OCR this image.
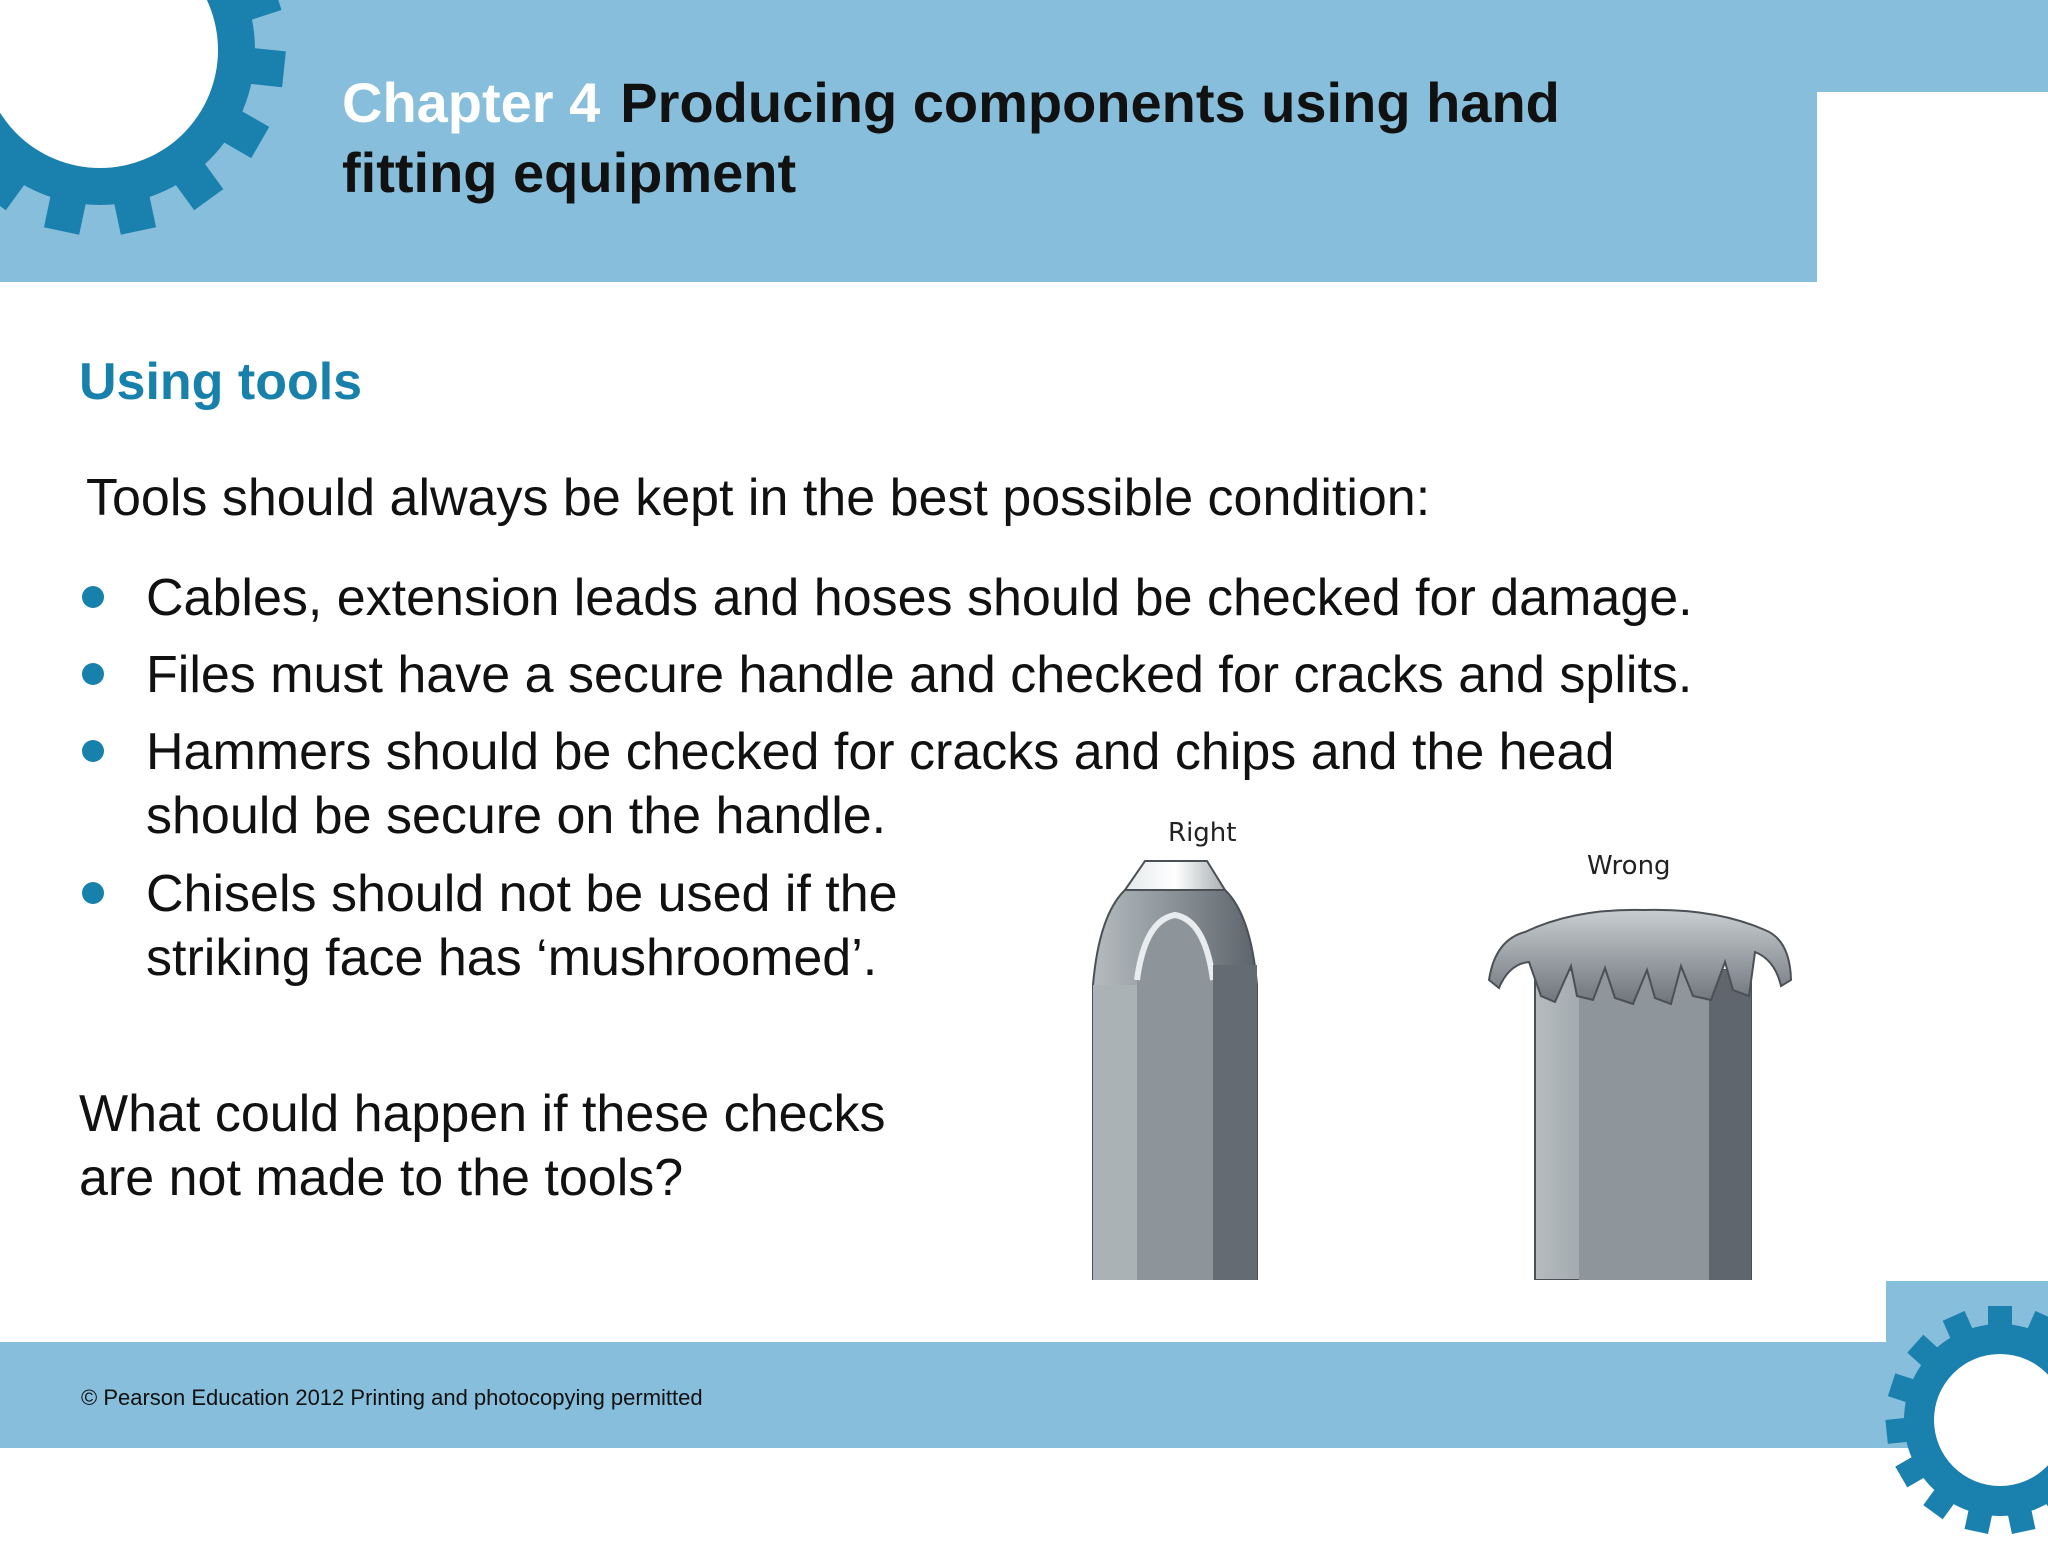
Chapter 4 Producing components using hand
fitting equipment
Using tools
Tools should always be kept in the best possible condition:
Cables, extension leads and hoses should be checked for damage.
Files must have a secure handle and checked for cracks and splits.
Hammers should be checked for cracks and chips and the head
should be secure on the handle.
Chisels should not be used if the
striking face has ‘mushroomed’.
What could happen if these checks
are not made to the tools?
Right
Wrong
© Pearson Education 2012 Printing and photocopying permitted
